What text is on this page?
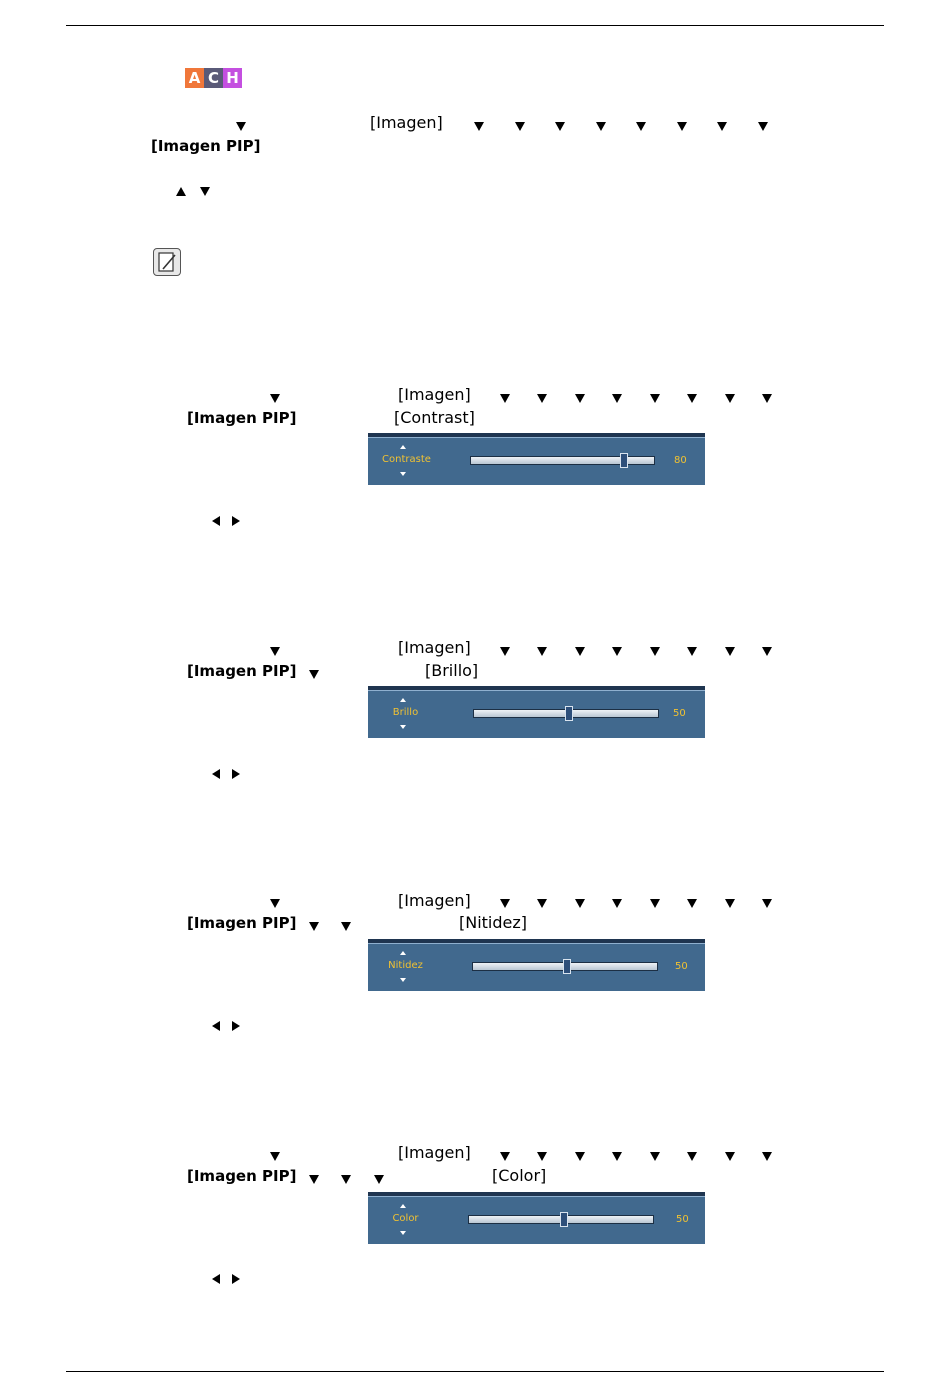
A C H
[Imagen]
[Imagen PIP]
[Imagen]
[Imagen PIP]	[Contrast]
Contraste	80
[Imagen]
[Imagen PIP]	[Brillo]
Brillo	50
[Imagen]
[Imagen PIP]	[Nitidez]
Nitidez	50
[Imagen]
[Imagen PIP]	[Color]
Color	50
